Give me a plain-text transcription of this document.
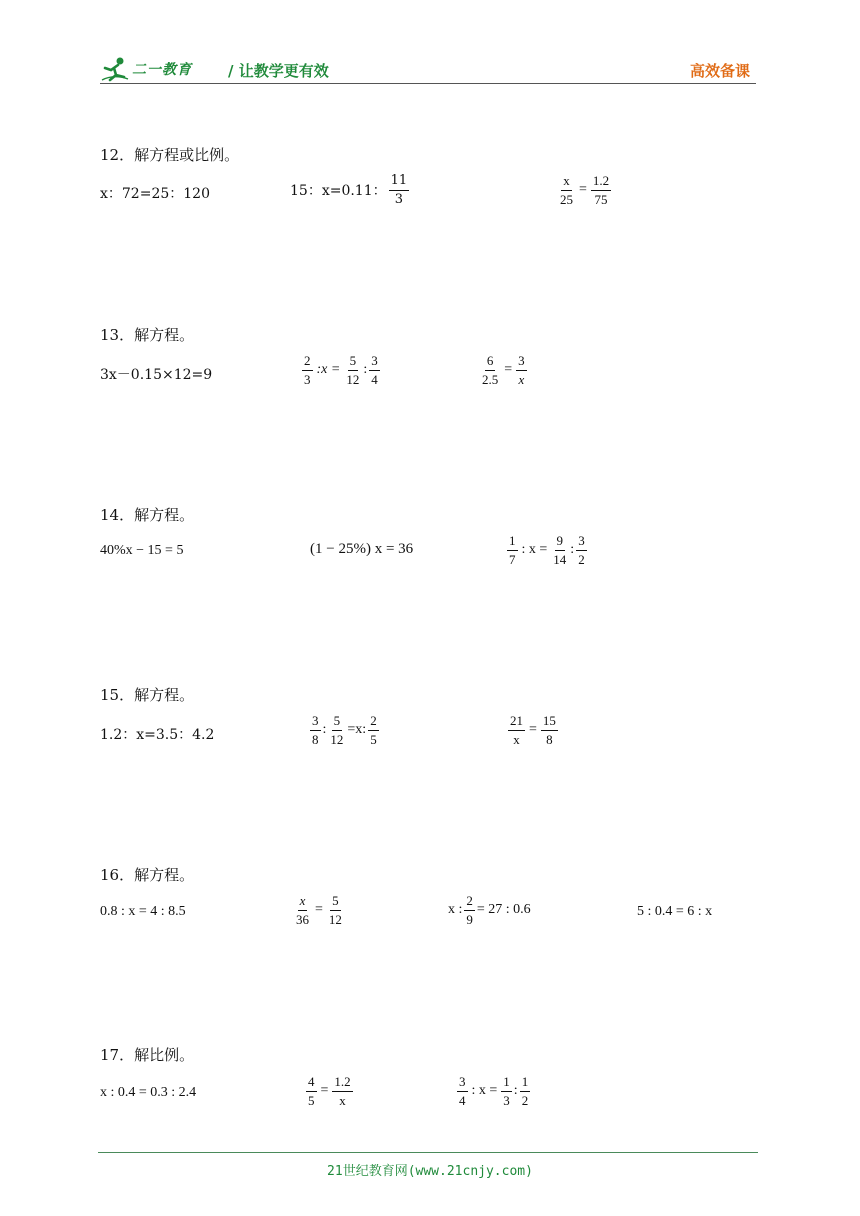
二一教育 / 让教学更有效	高效备课
12．解方程或比例。
x：72=25：120	15：x=0.11： $\frac{11}{3}$	$\frac{x}{25} = \frac{1.2}{75}$
13．解方程。
3x－0.15×12=9	$\frac{2}{3}$ :x = $\frac{5}{12}$ : $\frac{3}{4}$	$\frac{6}{2.5} = \frac{3}{x}$
14．解方程。
40%x − 15 = 5	(1 − 25%) x = 36	$\frac{1}{7}$ : $x = \frac{9}{14}$ : $\frac{3}{2}$
15．解方程。
1.2：x=3.5：4.2	$\frac{3}{8}$ : $\frac{5}{12} =x$: $\frac{2}{5}$	$\frac{21}{x} = \frac{15}{8}$
16．解方程。
0.8 : x = 4 : 8.5	$\frac{x}{36} = \frac{5}{12}$	x : $\frac{2}{9} = 27$ : 0.6	5 : 0.4 = 6 : x
17．解比例。
x : 0.4 = 0.3 : 2.4	$\frac{4}{5} = \frac{1.2}{x}$	$\frac{3}{4}$ : $x = \frac{1}{3}$ : $\frac{1}{2}$
21世纪教育网(www.21cnjy.com)
